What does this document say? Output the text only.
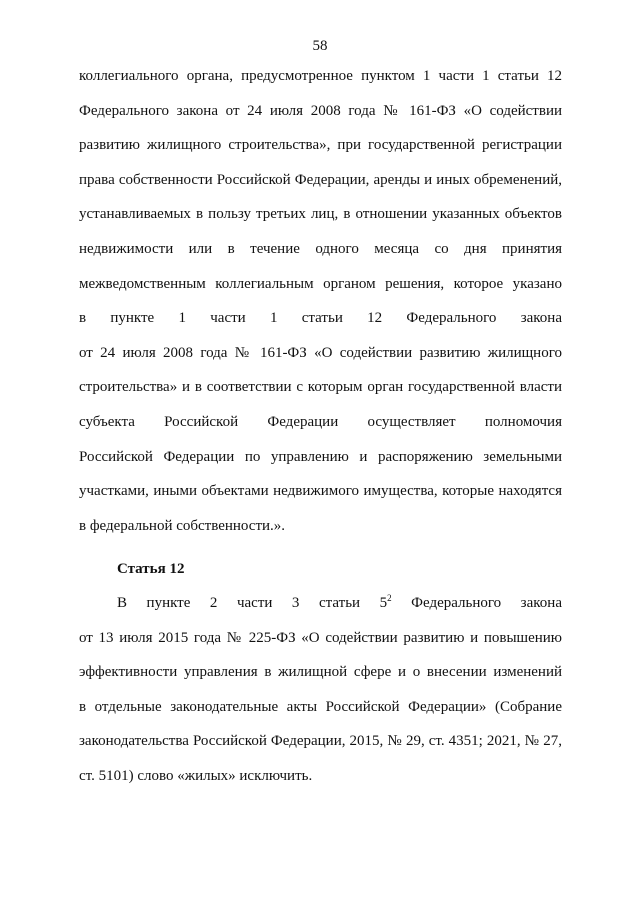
58
коллегиального органа, предусмотренное пунктом 1 части 1 статьи 12
Федерального закона от 24 июля 2008 года № 161-ФЗ «О содействии
развитию жилищного строительства», при государственной регистрации
права собственности Российской Федерации, аренды и иных обременений,
устанавливаемых в пользу третьих лиц, в отношении указанных объектов
недвижимости или в течение одного месяца со дня принятия
межведомственным коллегиальным органом решения, которое указано
в пункте 1 части 1 статьи 12 Федерального закона
от 24 июля 2008 года № 161-ФЗ «О содействии развитию жилищного
строительства» и в соответствии с которым орган государственной власти
субъекта Российской Федерации осуществляет полномочия
Российской Федерации по управлению и распоряжению земельными
участками, иными объектами недвижимого имущества, которые находятся
в федеральной собственности.».
Статья 12
В пункте 2 части 3 статьи $5^2$ Федерального закона
от 13 июля 2015 года № 225-ФЗ «О содействии развитию и повышению
эффективности управления в жилищной сфере и о внесении изменений
в отдельные законодательные акты Российской Федерации» (Собрание
законодательства Российской Федерации, 2015, № 29, ст. 4351; 2021, № 27,
ст. 5101) слово «жилых» исключить.
